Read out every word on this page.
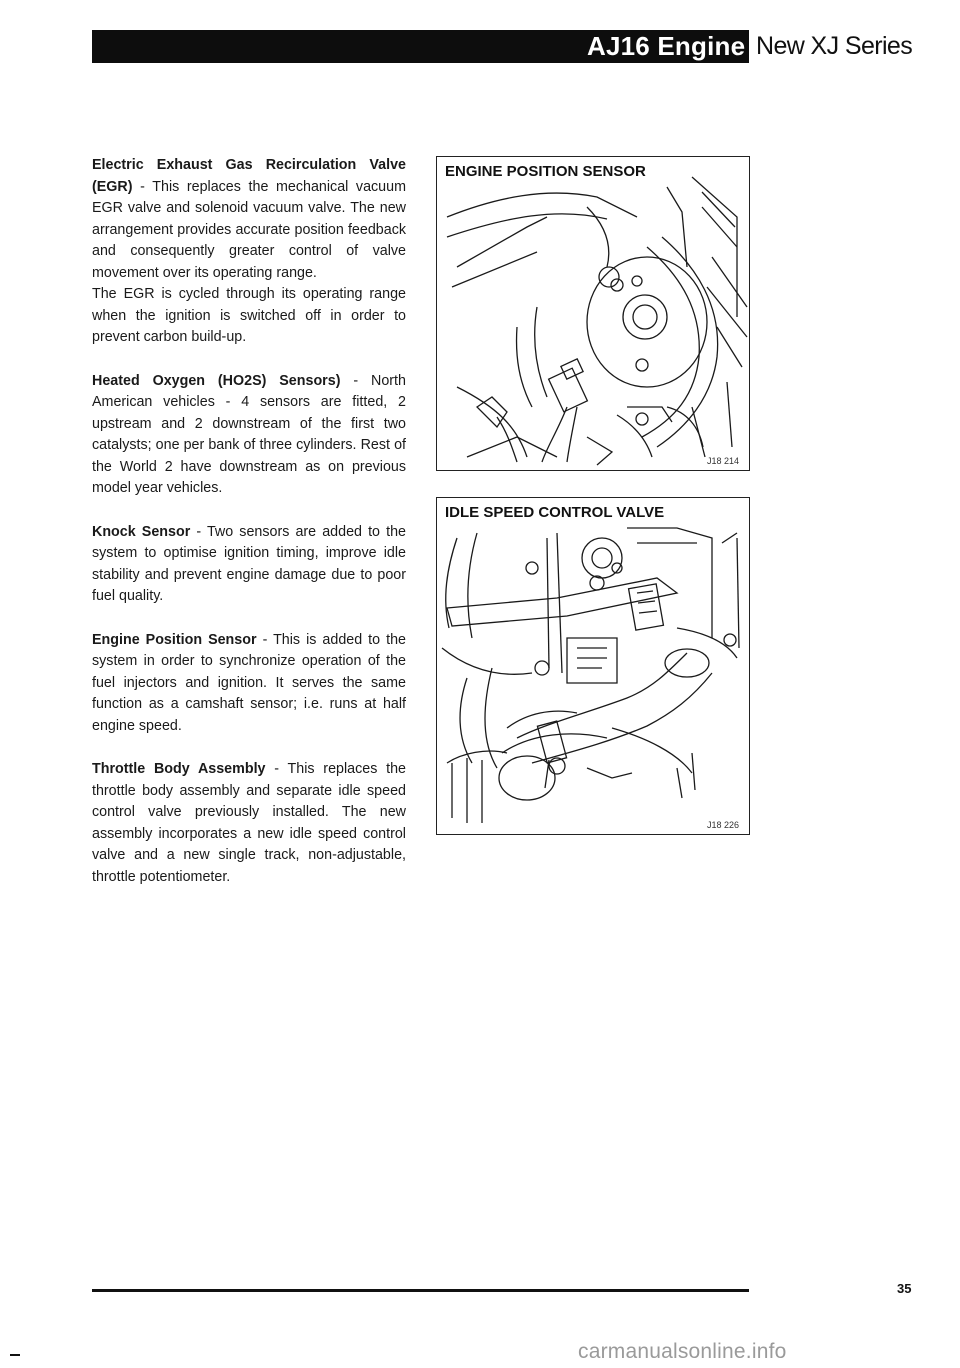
AJ16 Engine New XJ Series

Electric Exhaust Gas Recirculation Valve (EGR) - This replaces the mechanical vacuum EGR valve and solenoid vacuum valve. The new arrangement provides accurate position feedback and consequently greater control of valve movement over its operating range.
The EGR is cycled through its operating range when the ignition is switched off in order to prevent carbon build-up.

Heated Oxygen (HO2S) Sensors) - North American vehicles - 4 sensors are fitted, 2 upstream and 2 downstream of the first two catalysts; one per bank of three cylinders. Rest of the World 2 have downstream as on previous model year vehicles.

Knock Sensor - Two sensors are added to the system to optimise ignition timing, improve idle stability and prevent engine damage due to poor fuel quality.

Engine Position Sensor - This is added to the system in order to synchronize operation of the fuel injectors and ignition. It serves the same function as a camshaft sensor; i.e. runs at half engine speed.

Throttle Body Assembly - This replaces the throttle body assembly and separate idle speed control valve previously installed. The new assembly incorporates a new idle speed control valve and a new single track, non-adjustable, throttle potentiometer.

ENGINE POSITION SENSOR
J18 214
IDLE SPEED CONTROL VALVE
J18 226
35
carmanualsonline.info
